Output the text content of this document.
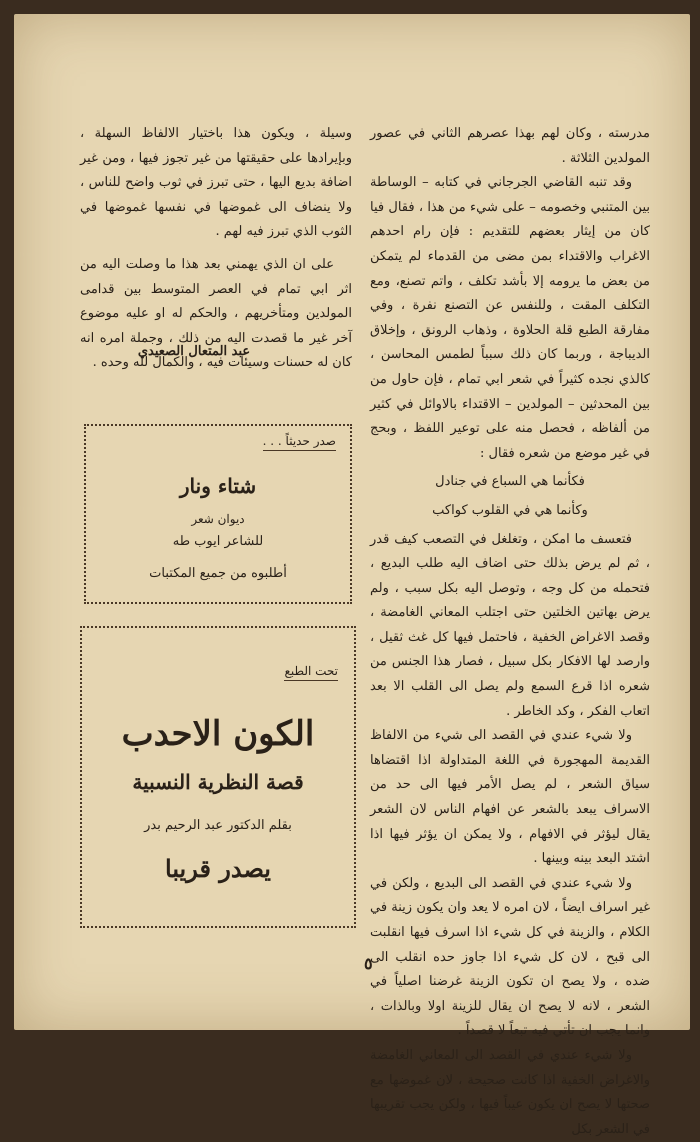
مدرسته ، وكان لهم بهذا عصرهم الثاني في عصور المولدين الثلاثة .

وقد تنبه القاضي الجرجاني في كتابه – الوساطة بين المتنبي وخصومه – على شيء من هذا ، فقال فيا كان من إيثار بعضهم للتقديم : فإن رام احدهم الاغراب والاقتداء بمن مضى من القدماء لم يتمكن من بعض ما يرومه إلا بأشد تكلف ، واتم تصنع، ومع التكلف المقت ، وللنفس عن التصنع نفرة ، وفي مفارقة الطبع قلة الحلاوة ، وذهاب الرونق ، وإخلاق الديباجة ، وربما كان ذلك سبباً لطمس المحاسن ، كالذي نجده كثيراً في شعر ابي تمام ، فإن حاول من بين المحدثين – المولدين – الاقتداء بالاوائل في كثير من ألفاظه ، فحصل منه على توعير اللفظ ، وبحج في غير موضع من شعره فقال :

فكأنما هي السباع في جنادل

وكأنما هي في القلوب كواكب

فتعسف ما امكن ، وتغلغل في التصعب كيف قدر ، ثم لم يرض بذلك حتى اضاف اليه طلب البديع ، فتحمله من كل وجه ، وتوصل اليه بكل سبب ، ولم يرض بهاتين الخلتين حتى اجتلب المعاني الغامضة ، وقصد الاغراض الخفية ، فاحتمل فيها كل غث ثقيل ، وارصد لها الافكار بكل سبيل ، فصار هذا الجنس من شعره اذا قرع السمع ولم يصل الى القلب الا بعد اتعاب الفكر ، وكد الخاطر .

ولا شيء عندي في القصد الى شيء من الالفاظ القديمة المهجورة في اللغة المتداولة اذا اقتضاها سياق الشعر ، لم يصل الأمر فيها الى حد من الاسراف يبعد بالشعر عن افهام الناس لان الشعر يقال ليؤثر في الافهام ، ولا يمكن ان يؤثر فيها اذا اشتد البعد بينه وبينها .

ولا شيء عندي في القصد الى البديع ، ولكن في غير اسراف ايضاً ، لان امره لا يعد وان يكون زينة في الكلام ، والزينة في كل شيء اذا اسرف فيها انقلبت الى قبح ، لان كل شيء اذا جاوز حده انقلب الى ضده ، ولا يصح ان تكون الزينة غرضنا اصلياً في الشعر ، لانه لا يصح ان يقال للزينة اولا وبالذات ، وانما يجب ان تأتي فيه تبعاً لا قصداً .

ولا شيء عندي في القصد الى المعاني الغامضة والاغراض الخفية اذا كانت صحيحة ، لان غموضها مع صحتها لا يصح ان يكون عيباً فيها ، ولكن يجب تقريبها في الشعر بكل

وسيلة ، ويكون هذا باختيار الالفاظ السهلة ، وبإيرادها على حقيقتها من غير تجوز فيها ، ومن غير اضافة بديع اليها ، حتى تبرز في ثوب واضح للناس ، ولا ينضاف الى غموضها في نفسها غموضها في الثوب الذي تبرز فيه لهم .

على ان الذي يهمني بعد هذا ما وصلت اليه من اثر ابي تمام في العصر المتوسط بين قدامى المولدين ومتأخريهم ، والحكم له او عليه موضوع آخر غير ما قصدت اليه من ذلك ، وجملة امره انه كان له حسنات وسيئات فيه ، والكمال لله وحده .

عبد المتعال الصعيدي
صدر حديثاً . . .
شتاء ونار
ديوان شعر
للشاعر ايوب طه
أطلبوه من جميع المكتبات
تحت الطبع
الكون الاحدب
قصة النظرية النسبية
بقلم الدكتور عبد الرحيم بدر
يصدر قريبا
٥
